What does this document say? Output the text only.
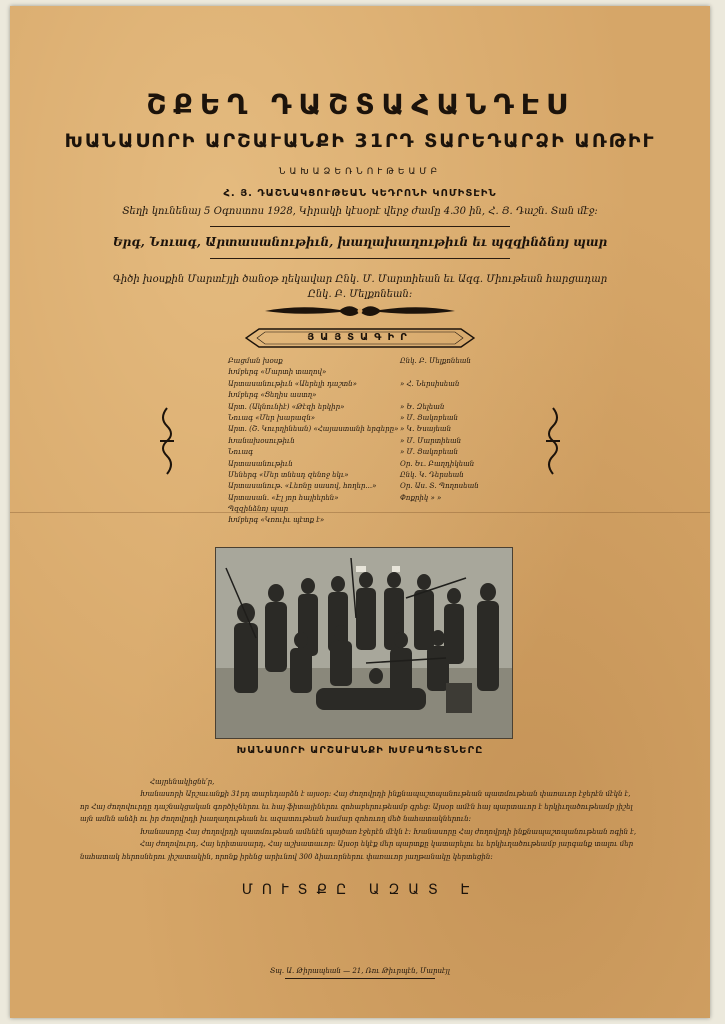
ՇՔԵՂ ԴԱՇՏԱՀԱՆԴԷՍ
ԽԱՆԱՍՈՐԻ ԱՐՇԱՒԱՆՔԻ 31ՐԴ ՏԱՐԵԴԱՐՁԻ ԱՌԹԻՒ
ՆԱԽԱՁԵՌՆՈՒԹԵԱՄԲ
Հ. Յ. ԴԱՇՆԱԿՑՈՒԹԵԱՆ ԿԵԴՐՈՆԻ ԿՈՄԻՏԷԻՆ
Տեղի կունենայ 5 Օգոստոս 1928, Կիրակի կէսօրէ վերջ ժամը 4.30 ին, Հ. Յ. Դաշն. Տան մէջ:
Երգ, Նուագ, Արտասանութիւն, խաղախաղութիւն եւ պզզինձնոյ պար
Գիծի խօսքին Մարտէյլի ծանօթ ղեկավար Ընկ. Մ. Մարտիեան եւ Ազգ. Միութեան հարցադար
Ընկ. Բ. Մելքոնեան:
ՅԱՅՏԱԳԻՐ
Բացման խօսք	Ընկ. Բ. Մելքոնեան
Խմբերգ «Մարտի տաղով»
Արտասանութիւն «Աերելի դաշտն»	» Հ. Ներսիսեան
Խմբերգ «Ցեղիս աստղ»
Արտ. (Ակնունիէ) «Թէզի երկիր»	» Ե. Զելեան
Նուագ «Մեր խարազն»	» Մ. Յակոբեան
Արտ. (Շ. Կուրղինեան) «Հայաստանի երգերը» » Կ. Եսայեան
Խանախօսութիւն	» Մ. Մարտիեան
Նուագ	» Մ. Յակոբեան
Արտասանութիւն	Օր. Եւ. Բաղդիկեան
Մեներգ «Մեր տնեսդ զենոջ եկւ»	Ընկ. Կ. Դերսեան
Արտասանութ. «Լեռնը սասով, հողեր...»	Օր. Աս. Տ. Պողոսեան
Արտասան. «Էլ յոր հայիերեն»	Փոքրիկ » »
Պզզինձնոյ պար
Խմբերգ «Կռուիւ պէտք է»
ԽԱՆԱՍՈՐԻ ԱՐՇԱՒԱՆՔԻ ԽՄԲԱՊԵՏՆԵՐԸ
Հայրենակիցնե՛ր,
Խանասորի Արշաւանքի 31րդ տարեդարձն է այսօր: Հայ ժողովրդի ինքնապաշտպանութեան պատմութեան փառաւոր էջերէն մէկն է, որ Հայ ժողովուրդը դաշնակցական գործիչներու եւ հայ ֆիտայիներու զոհաբերութեամբ գրեց: Այսօր ամէն հայ պարտաւոր է երկիւղածութեամբ յիշել այն ամեն անձի ու իր ժողովրդի խաղաղութեան եւ ազատութեան համար զոհուող մեծ նահատակներուն:
Խանասորը Հայ ժողովրդի պատմութեան ամենէն պայծառ էջերէն մէկն է: Խանասորը Հայ ժողովրդի ինքնապաշտպանութեան ոգին է,
Հայ ժողովուրդ, Հայ երիտասարդ, Հայ աշխատաւոր: Այսօր եկէք մեր պարտքը կատարելու եւ երկիւղածութեամբ յարգանք տալու մեր նահատակ հերոսներու յիշատակին, որոնք իրենց արիւնով 300 ձիաւորներու փառաւոր յաղթանակը կերտեցին:
ՄՈՒՏՔԸ ԱԶԱՏ Է
Տպ. Ա. Թիրապեան — 21, Ռու Թիւրպէն, Մարսէյլ
